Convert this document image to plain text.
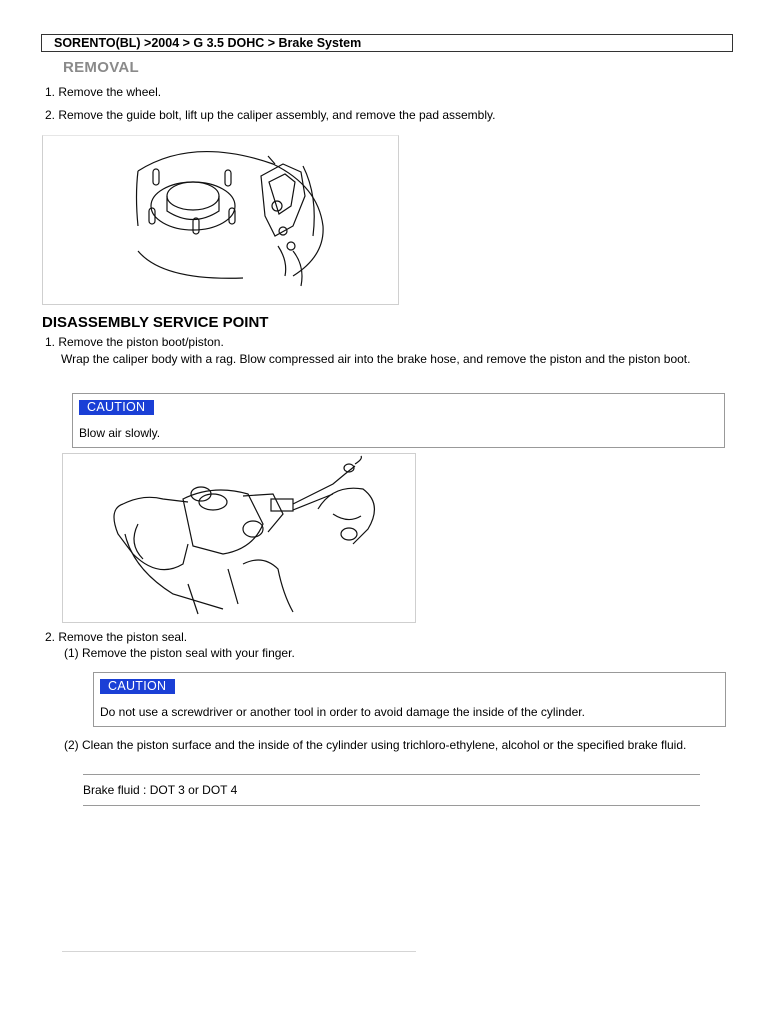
SORENTO(BL) >2004 > G 3.5 DOHC > Brake System
REMOVAL
1. Remove the wheel.
2. Remove the guide bolt, lift up the caliper assembly, and remove the pad assembly.
DISASSEMBLY SERVICE POINT
1. Remove the piston boot/piston.
Wrap the caliper body with a rag. Blow compressed air into the brake hose, and remove the piston and the piston boot.
CAUTION
Blow air slowly.
2. Remove the piston seal.
(1) Remove the piston seal with your finger.
CAUTION
Do not use a screwdriver or another tool in order to avoid damage the inside of the cylinder.
(2) Clean the piston surface and the inside of the cylinder using trichloro-ethylene, alcohol or the specified brake fluid.
Brake fluid : DOT 3 or DOT 4
